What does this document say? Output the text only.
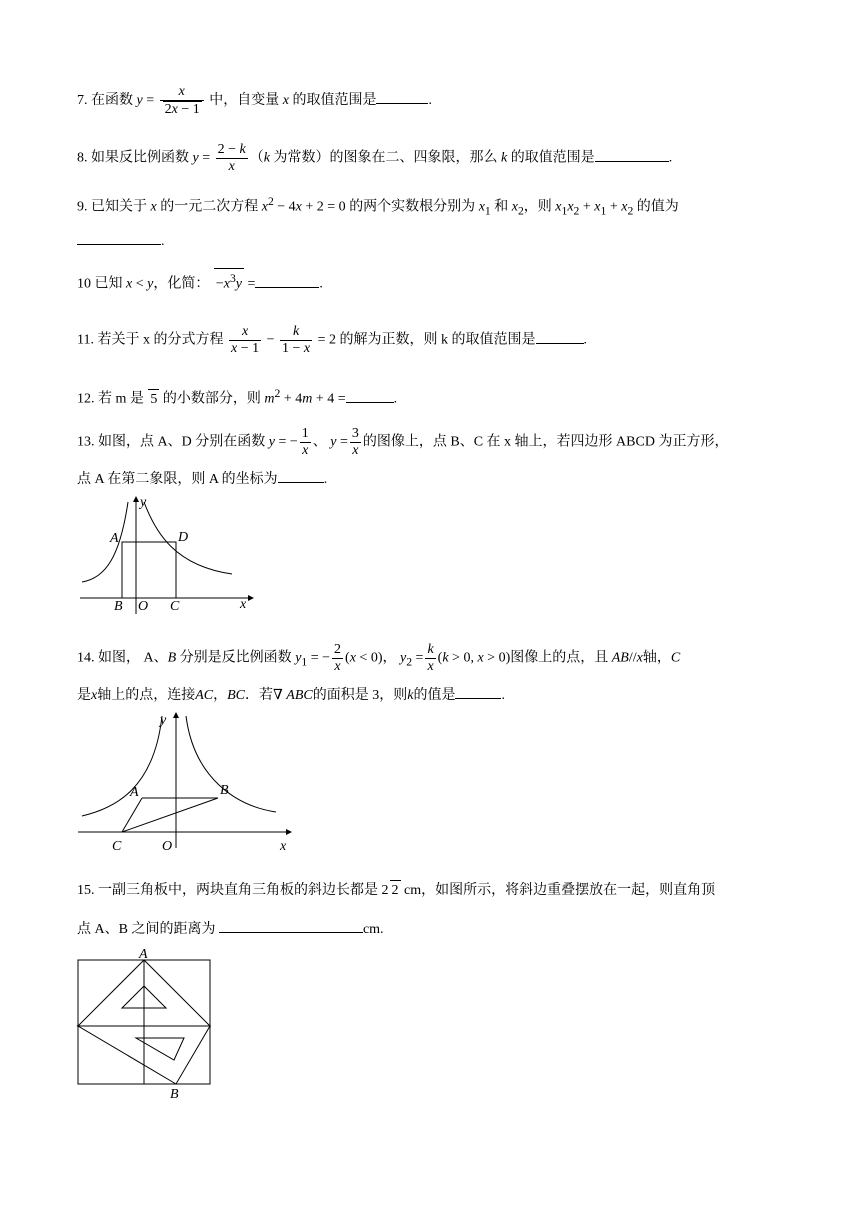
7. 在函数 $y = \frac{x}{2x - 1}$ 中，自变量 x 的取值范围是	.
8. 如果反比例函数 $y = \frac{2 - k}{x} (k$ 为常数）的图象在二、四象限，那么 k 的取值范围是	.
9. 已知关于 x 的一元二次方程 $x^2 - 4x + 2 = 0$ 的两个实数根分别为 $x_1$ 和 $x_2$，则 $x_1x_2 + x_1 + x_2$ 的值为
.
10 已知 x < y，化简： $-x^3y$ =	.
11. 若关于 x 的分式方程 $\frac{x}{x - 1} - \frac{k}{1 - x} = 2$ 的解为正数，则 k 的取值范围是	.
12. 若 m 是 5 的小数部分，则 $m^2 + 4m + 4$ =	.
13. 如图，点 A、D 分别在函数 y = − $\frac{1}{x}$ 、 $y = \frac{3}{x}$ 的图像上，点 B、C 在 x 轴上，若四边形 ABCD 为正方形，
点 A 在第二象限，则 A 的坐标为	.
y
A	D
B O C	x
14. 如图， A、B 分别是反比例函数 $y_1$ = − $\frac{2}{x} (x < 0)$， $y_2 = \frac{k}{x} (k > 0$, x > 0)图像上的点，且 AB//x轴，C
是x轴上的点，连接AC，BC．若∇ ABC的面积是 3，则k的值是	.
y
A	B
C	O	x
15. 一副三角板中，两块直角三角板的斜边长都是 2 2 cm，如图所示，将斜边重叠摆放在一起，则直角顶
点 A、B 之间的距离为	cm.
A
B
